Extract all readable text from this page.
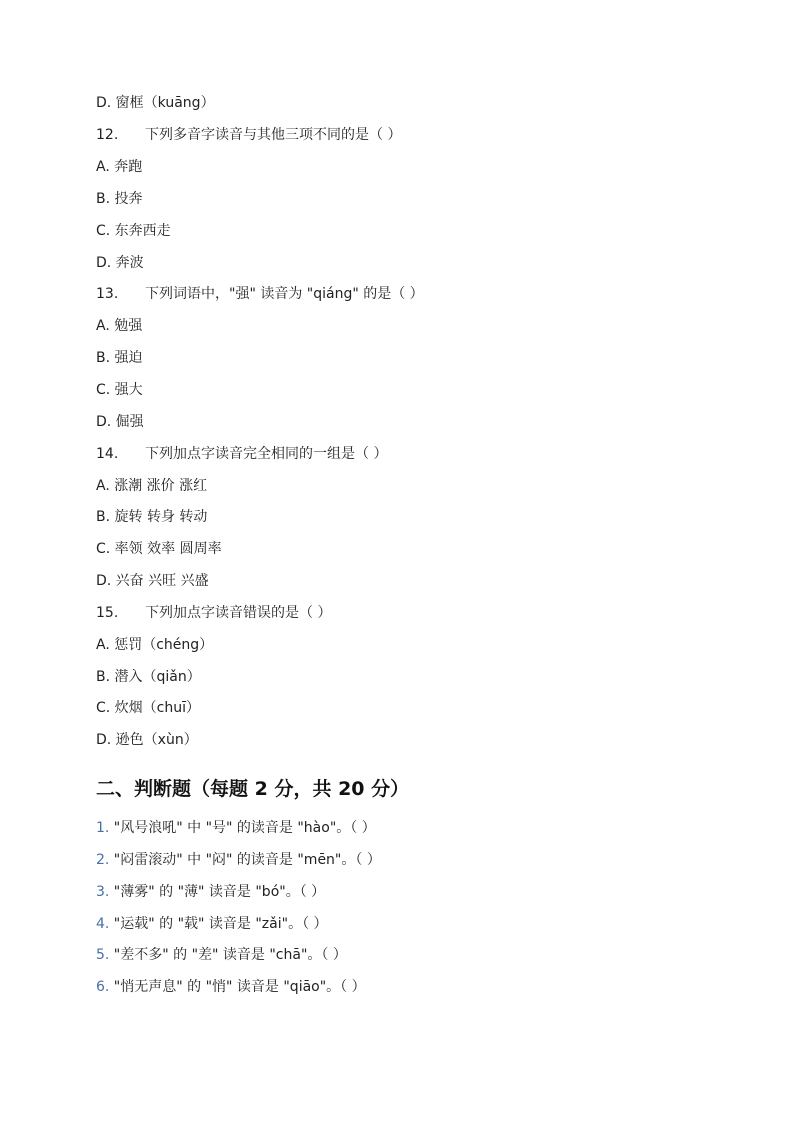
D. 窗框（kuāng）
12. 下列多音字读音与其他三项不同的是（ ）
A. 奔跑
B. 投奔
C. 东奔西走
D. 奔波
13. 下列词语中，"强" 读音为 "qiáng" 的是（ ）
A. 勉强
B. 强迫
C. 强大
D. 倔强
14. 下列加点字读音完全相同的一组是（ ）
A. 涨潮 涨价 涨红
B. 旋转 转身 转动
C. 率领 效率 圆周率
D. 兴奋 兴旺 兴盛
15. 下列加点字读音错误的是（ ）
A. 惩罚（chéng）
B. 潜入（qiǎn）
C. 炊烟（chuī）
D. 逊色（xùn）
二、判断题（每题 2 分，共 20 分）
1. "风号浪吼" 中 "号" 的读音是 "hào"。（ ）
2. "闷雷滚动" 中 "闷" 的读音是 "mēn"。（ ）
3. "薄雾" 的 "薄" 读音是 "bó"。（ ）
4. "运载" 的 "载" 读音是 "zǎi"。（ ）
5. "差不多" 的 "差" 读音是 "chā"。（ ）
6. "悄无声息" 的 "悄" 读音是 "qiāo"。（ ）
